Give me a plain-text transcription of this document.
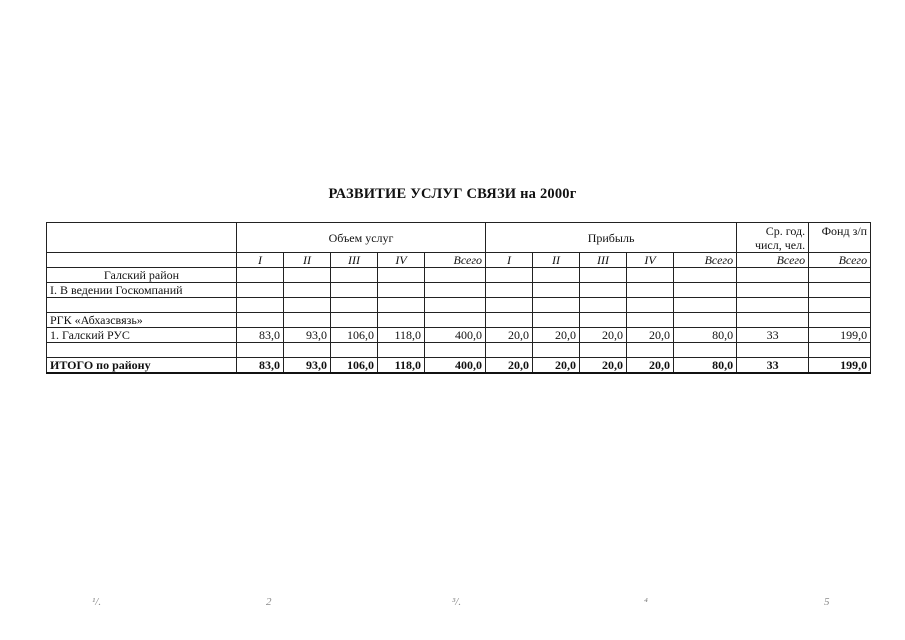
РАЗВИТИЕ УСЛУГ СВЯЗИ на 2000г
	Объем услуг					Прибыль					Ср. год. числ, чел.	Фонд з/п
	I	II	III	IV	Всего	I	II	III	IV	Всего	Всего	Всего
Галский район												
I. В ведении Госкомпаний												

РГК «Абхазсвязь»												
1. Галский РУС	83,0	93,0	106,0	118,0	400,0	20,0	20,0	20,0	20,0	80,0	33	199,0

ИТОГО по району	83,0	93,0	106,0	118,0	400,0	20,0	20,0	20,0	20,0	80,0	33	199,0
¹/.	2	³/.	⁴	5
